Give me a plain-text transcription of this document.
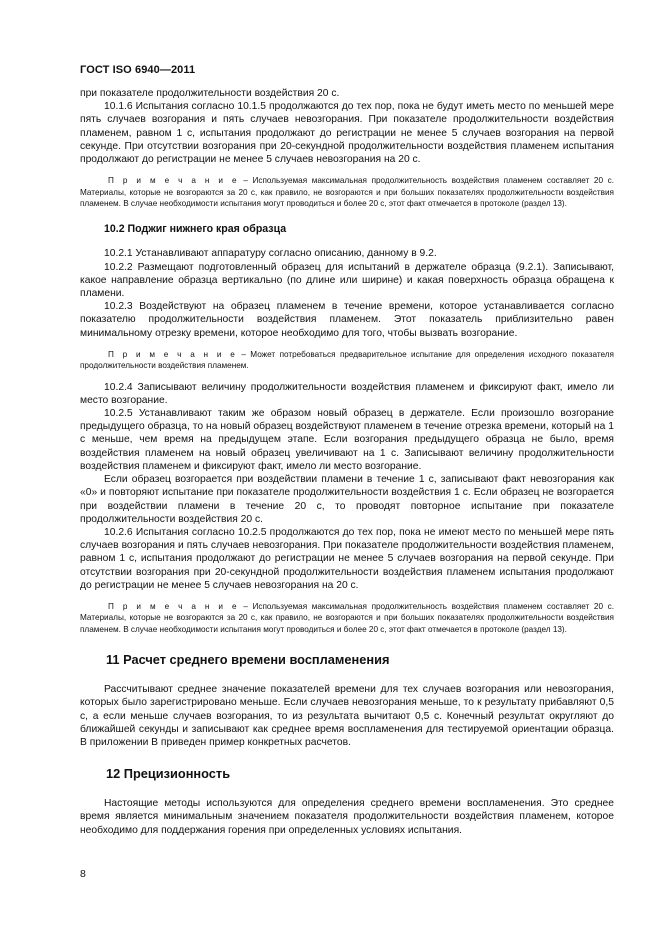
ГОСТ ISO 6940—2011

при показателе продолжительности воздействия 20 с.

10.1.6 Испытания согласно 10.1.5 продолжаются до тех пор, пока не будут иметь место по меньшей мере пять случаев возгорания и пять случаев невозгорания. При показателе продолжительности воздействия пламенем, равном 1 с, испытания продолжают до регистрации не менее 5 случаев возгорания на первой секунде. При отсутствии возгорания при 20-секундной продолжительности воздействия пламенем испытания продолжают до регистрации не менее 5 случаев невозгорания на 20 с.

П р и м е ч а н и е – Используемая максимальная продолжительность воздействия пламенем составляет 20 с. Материалы, которые не возгораются за 20 с, как правило, не возгораются и при больших показателях продолжительности воздействия пламенем. В случае необходимости испытания могут проводиться и более 20 с, этот факт отмечается в протоколе (раздел 13).

10.2 Поджиг нижнего края образца

10.2.1 Устанавливают аппаратуру согласно описанию, данному в 9.2.

10.2.2 Размещают подготовленный образец для испытаний в держателе образца (9.2.1). Записывают, какое направление образца вертикально (по длине или ширине) и какая поверхность образца обращена к пламени.

10.2.3 Воздействуют на образец пламенем в течение времени, которое устанавливается согласно показателю продолжительности воздействия пламенем. Этот показатель приблизительно равен минимальному отрезку времени, которое необходимо для того, чтобы вызвать возгорание.

П р и м е ч а н и е – Может потребоваться предварительное испытание для определения исходного показателя продолжительности воздействия пламенем.

10.2.4 Записывают величину продолжительности воздействия пламенем и фиксируют факт, имело ли место возгорание.

10.2.5 Устанавливают таким же образом новый образец в держателе. Если произошло возгорание предыдущего образца, то на новый образец воздействуют пламенем в течение отрезка времени, который на 1 с меньше, чем время на предыдущем этапе. Если возгорания предыдущего образца не было, время воздействия пламенем на новый образец увеличивают на 1 с. Записывают величину продолжительности воздействия пламенем и фиксируют факт, имело ли место возгорание.

Если образец возгорается при воздействии пламени в течение 1 с, записывают факт невозгорания как «0» и повторяют испытание при показателе продолжительности воздействия 1 с. Если образец не возгорается при воздействии пламени в течение 20 с, то проводят повторное испытание при показателе продолжительности воздействия 20 с.

10.2.6 Испытания согласно 10.2.5 продолжаются до тех пор, пока не имеют место по меньшей мере пять случаев возгорания и пять случаев невозгорания. При показателе продолжительности воздействия пламенем, равном 1 с, испытания продолжают до регистрации не менее 5 случаев возгорания на первой секунде. При отсутствии возгорания при 20-секундной продолжительности воздействия пламенем испытания продолжают до регистрации не менее 5 случаев невозгорания на 20 с.

П р и м е ч а н и е – Используемая максимальная продолжительность воздействия пламенем составляет 20 с. Материалы, которые не возгораются за 20 с, как правило, не возгораются и при больших показателях продолжительности воздействия пламенем. В случае необходимости испытания могут проводиться и более 20 с, этот факт отмечается в протоколе (раздел 13).

11 Расчет среднего времени воспламенения

Рассчитывают среднее значение показателей времени для тех случаев возгорания или невозгорания, которых было зарегистрировано меньше. Если случаев невозгорания меньше, то к результату прибавляют 0,5 с, а если меньше случаев возгорания, то из результата вычитают 0,5 с. Конечный результат округляют до ближайшей секунды и записывают как среднее время воспламенения для тестируемой ориентации образца. В приложении В приведен пример конкретных расчетов.

12 Прецизионность

Настоящие методы используются для определения среднего времени воспламенения. Это среднее время является минимальным значением показателя продолжительности воздействия пламенем, которое необходимо для поддержания горения при определенных условиях испытания.

8
